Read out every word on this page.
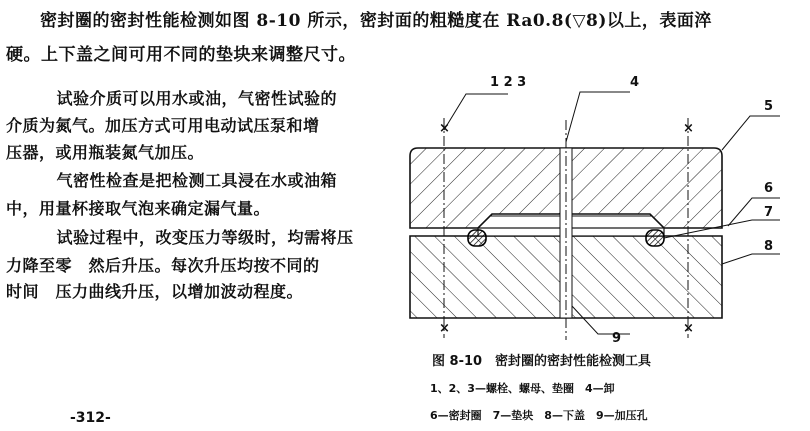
密封圈的密封性能检测如图 8-10 所示，密封面的粗糙度在 Ra0.8(▽8)以上，表面淬
硬。上下盖之间可用不同的垫块来调整尺寸。
　试验介质可以用水或油，气密性试验的
介质为氮气。加压方式可用电动试压泵和增
压器，或用瓶装氮气加压。
　气密性检查是把检测工具浸在水或油箱
中，用量杯接取气泡来确定漏气量。
　试验过程中，改变压力等级时，均需将压
力降至零　然后升压。每次升压均按不同的
时间　压力曲线升压，以增加波动程度。
-312-
×
×
×
×
1 2 3	4
5
6
7
8
9
图 8-10　密封圈的密封性能检测工具
1、2、3—螺栓、螺母、垫圈　4—卸
6—密封圈　7—垫块　8—下盖　9—加压孔
